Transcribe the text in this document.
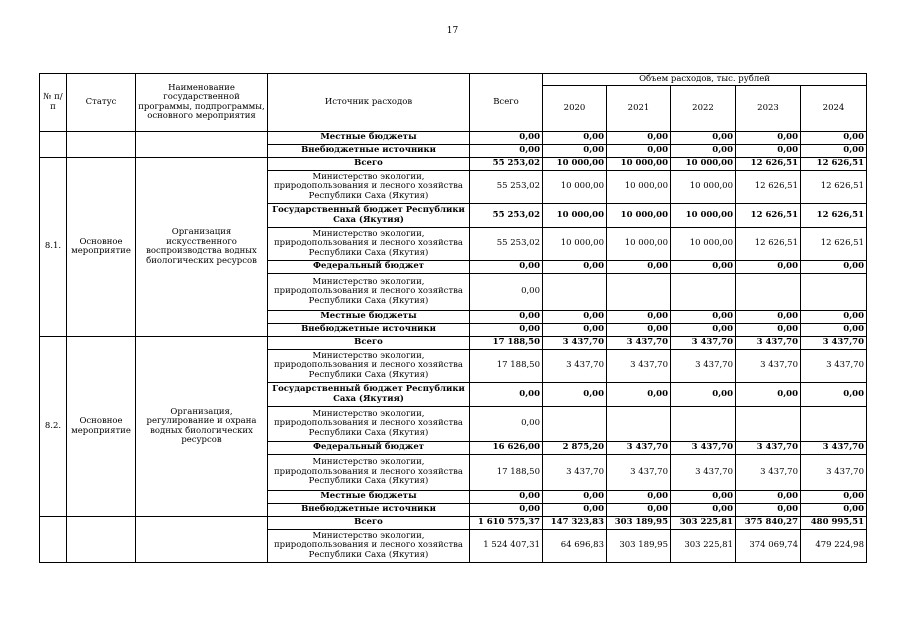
17
№ п/п	Статус	Наименование государственной программы, подпрограммы, основного мероприятия	Источник расходов	Всего	Объем расходов, тыс. рублей				
					2020	2021	2022	2023	2024
			Местные бюджеты	0,00	0,00	0,00	0,00	0,00	0,00
			Внебюджетные источники	0,00	0,00	0,00	0,00	0,00	0,00
8.1.	Основное мероприятие	Организация искусственного воспроизводства водных биологических ресурсов	Всего	55 253,02	10 000,00	10 000,00	10 000,00	12 626,51	12 626,51
			Министерство экологии, природопользования и лесного хозяйства Республики Саха (Якутия)	55 253,02	10 000,00	10 000,00	10 000,00	12 626,51	12 626,51
			Государственный бюджет Республики Саха (Якутия)	55 253,02	10 000,00	10 000,00	10 000,00	12 626,51	12 626,51
			Министерство экологии, природопользования и лесного хозяйства Республики Саха (Якутия)	55 253,02	10 000,00	10 000,00	10 000,00	12 626,51	12 626,51
			Федеральный бюджет	0,00	0,00	0,00	0,00	0,00	0,00
			Министерство экологии, природопользования и лесного хозяйства Республики Саха (Якутия)	0,00					
			Местные бюджеты	0,00	0,00	0,00	0,00	0,00	0,00
			Внебюджетные источники	0,00	0,00	0,00	0,00	0,00	0,00
8.2.	Основное мероприятие	Организация, регулирование и охрана водных биологических ресурсов	Всего	17 188,50	3 437,70	3 437,70	3 437,70	3 437,70	3 437,70
			Министерство экологии, природопользования и лесного хозяйства Республики Саха (Якутия)	17 188,50	3 437,70	3 437,70	3 437,70	3 437,70	3 437,70
			Государственный бюджет Республики Саха (Якутия)	0,00	0,00	0,00	0,00	0,00	0,00
			Министерство экологии, природопользования и лесного хозяйства Республики Саха (Якутия)	0,00					
			Федеральный бюджет	16 626,00	2 875,20	3 437,70	3 437,70	3 437,70	3 437,70
			Министерство экологии, природопользования и лесного хозяйства Республики Саха (Якутия)	17 188,50	3 437,70	3 437,70	3 437,70	3 437,70	3 437,70
			Местные бюджеты	0,00	0,00	0,00	0,00	0,00	0,00
			Внебюджетные источники	0,00	0,00	0,00	0,00	0,00	0,00
			Всего	1 610 575,37	147 323,83	303 189,95	303 225,81	375 840,27	480 995,51
			Министерство экологии, природопользования и лесного хозяйства Республики Саха (Якутия)	1 524 407,31	64 696,83	303 189,95	303 225,81	374 069,74	479 224,98
